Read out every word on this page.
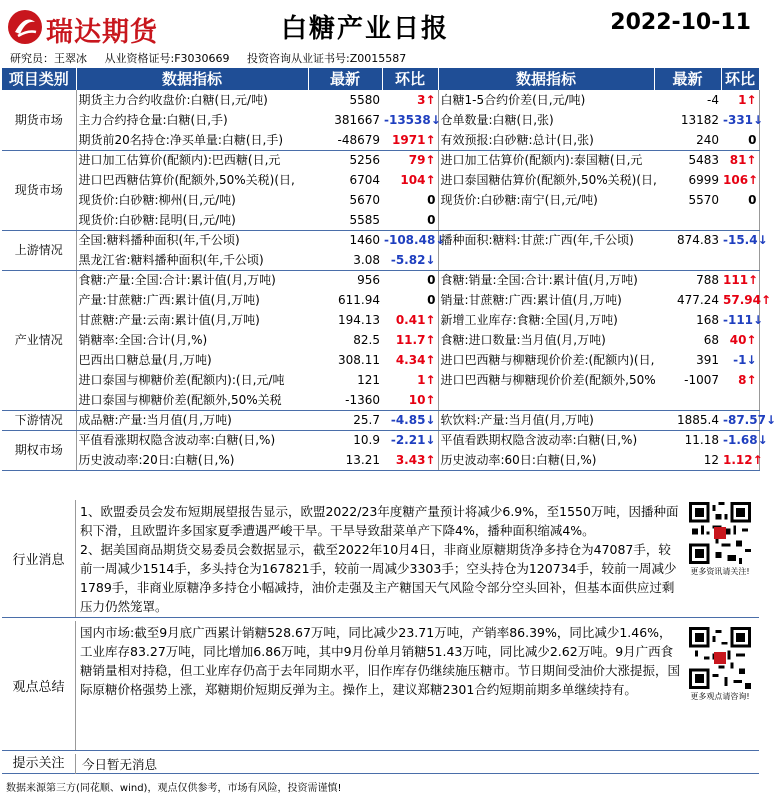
瑞达期货	白糖产业日报	2022-10-11
研究员：王翠冰 从业资格证号:F3030669 投资咨询从业证书号:Z0015587
项目类别	数据指标	最新	环比	数据指标	最新	环比
期货市场	期货主力合约收盘价:白糖(日,元/吨)	5580	3↑	白糖1-5合约价差(日,元/吨)	-4	1↑
	主力合约持仓量:白糖(日,手)	381667	-13538↓	仓单数量:白糖(日,张)	13182	-331↓
	期货前20名持仓:净买单量:白糖(日,手)	-48679	1971↑	有效预报:白砂糖:总计(日,张)	240	0
现货市场	进口加工估算价(配额内):巴西糖(日,元	5256	79↑	进口加工估算价(配额内):泰国糖(日,元	5483	81↑
	进口巴西糖估算价(配额外,50%关税)(日,	6704	104↑	进口泰国糖估算价(配额外,50%关税)(日,	6999	106↑
	现货价:白砂糖:柳州(日,元/吨)	5670	0	现货价:白砂糖:南宁(日,元/吨)	5570	0
	现货价:白砂糖:昆明(日,元/吨)	5585	0			
上游情况	全国:糖料播种面积(年,千公顷)	1460	-108.48↓	播种面积:糖料:甘蔗:广西(年,千公顷)	874.83	-15.4↓
	黑龙江省:糖料播种面积(年,千公顷)	3.08	-5.82↓			
产业情况	食糖:产量:全国:合计:累计值(月,万吨)	956	0	食糖:销量:全国:合计:累计值(月,万吨)	788	111↑
	产量:甘蔗糖:广西:累计值(月,万吨)	611.94	0	销量:甘蔗糖:广西:累计值(月,万吨)	477.24	57.94↑
	甘蔗糖:产量:云南:累计值(月,万吨)	194.13	0.41↑	新增工业库存:食糖:全国(月,万吨)	168	-111↓
	销糖率:全国:合计(月,%)	82.5	11.7↑	食糖:进口数量:当月值(月,万吨)	68	40↑
	巴西出口糖总量(月,万吨)	308.11	4.34↑	进口巴西糖与柳糖现价价差:(配额内)(日,	391	-1↓
	进口泰国与柳糖价差(配额内):(日,元/吨	121	1↑	进口巴西糖与柳糖现价价差(配额外,50%	-1007	8↑
	进口泰国与柳糖价差(配额外,50%关税	-1360	10↑			
下游情况	成品糖:产量:当月值(月,万吨)	25.7	-4.85↓	软饮料:产量:当月值(月,万吨)	1885.4	-87.57↓
期权市场	平值看涨期权隐含波动率:白糖(日,%)	10.9	-2.21↓	平值看跌期权隐含波动率:白糖(日,%)	11.18	-1.68↓
	历史波动率:20日:白糖(日,%)	13.21	3.43↑	历史波动率:60日:白糖(日,%)	12	1.12↑
行业消息
1、欧盟委员会发布短期展望报告显示，欧盟2022/23年度糖产量预计将减少6.9%，至1550万吨，因播种面积下滑，且欧盟许多国家夏季遭遇严峻干旱。干旱导致甜菜单产下降4%，播种面积缩减4%。
2、据美国商品期货交易委员会数据显示，截至2022年10月4日，非商业原糖期货净多持仓为47087手，较前一周减少1514手，多头持仓为167821手，较前一周减少3303手；空头持仓为120734手，较前一周减少1789手，非商业原糖净多持仓小幅减持，油价走强及主产糖国天气风险令部分空头回补，但基本面供应过剩压力仍然笼罩。
更多资讯请关注!
观点总结
国内市场:截至9月底广西累计销糖528.67万吨，同比减少23.71万吨，产销率86.39%，同比减少1.46%，工业库存83.27万吨，同比增加6.86万吨，其中9月份单月销糖51.43万吨，同比减少2.62万吨。9月广西食糖销量相对持稳，但工业库存仍高于去年同期水平，旧作库存仍继续施压糖市。节日期间受油价大涨提振，国际原糖价格强势上涨，郑糖期价短期反弹为主。操作上，建议郑糖2301合约短期前期多单继续持有。	更多观点请咨询!
提示关注	今日暂无消息
数据来源第三方(同花顺、wind)，观点仅供参考，市场有风险，投资需谨慎!
